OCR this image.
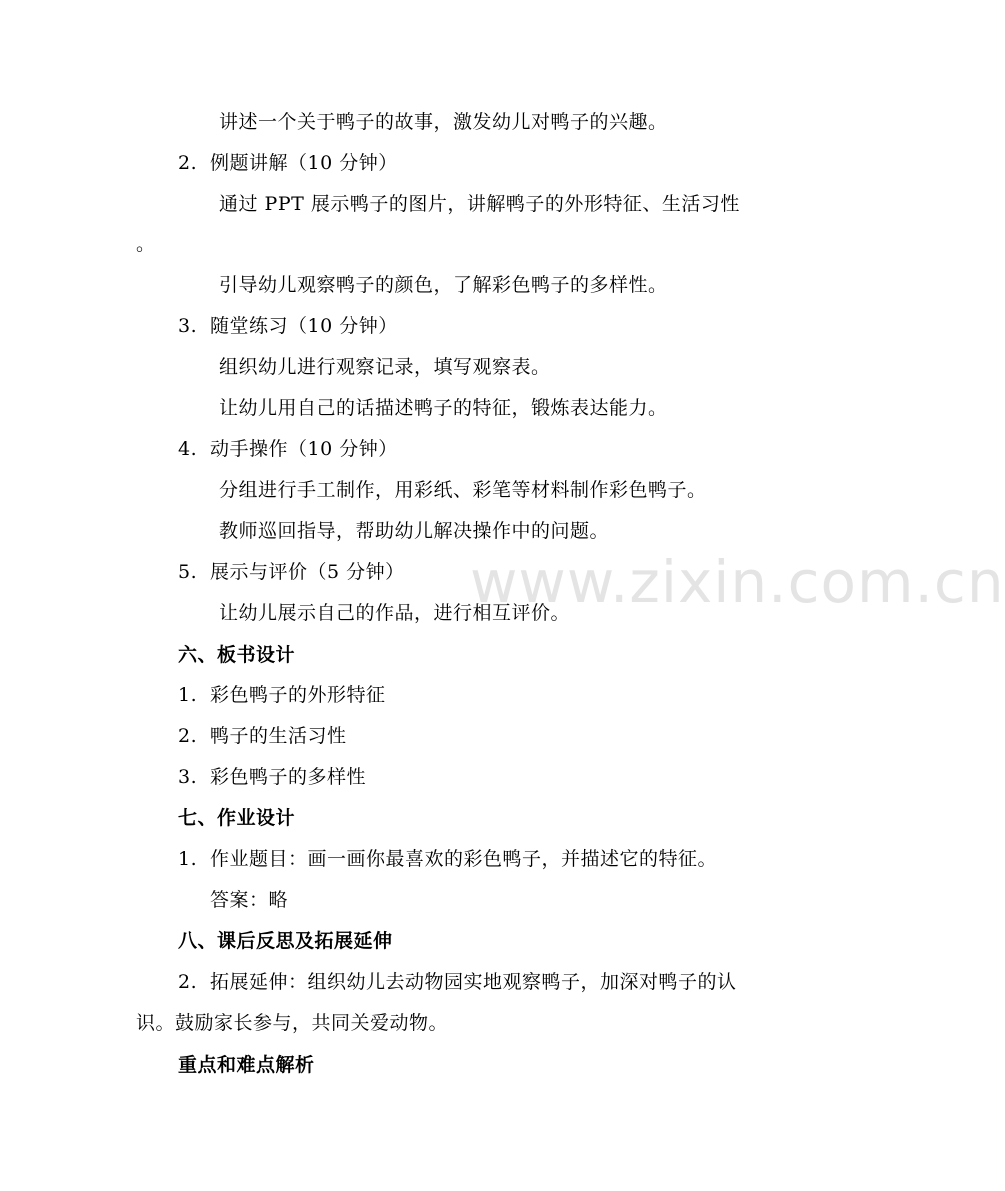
www.zixin.com.cn
讲述一个关于鸭子的故事，激发幼儿对鸭子的兴趣。
2. 例题讲解（10 分钟）
通过 PPT 展示鸭子的图片，讲解鸭子的外形特征、生活习性
。
引导幼儿观察鸭子的颜色，了解彩色鸭子的多样性。
3. 随堂练习（10 分钟）
组织幼儿进行观察记录，填写观察表。
让幼儿用自己的话描述鸭子的特征，锻炼表达能力。
4. 动手操作（10 分钟）
分组进行手工制作，用彩纸、彩笔等材料制作彩色鸭子。
教师巡回指导，帮助幼儿解决操作中的问题。
5. 展示与评价（5 分钟）
让幼儿展示自己的作品，进行相互评价。
六、板书设计
1. 彩色鸭子的外形特征
2. 鸭子的生活习性
3. 彩色鸭子的多样性
七、作业设计
1. 作业题目：画一画你最喜欢的彩色鸭子，并描述它的特征。
答案：略
八、课后反思及拓展延伸
2. 拓展延伸：组织幼儿去动物园实地观察鸭子，加深对鸭子的认
识。鼓励家长参与，共同关爱动物。
重点和难点解析
